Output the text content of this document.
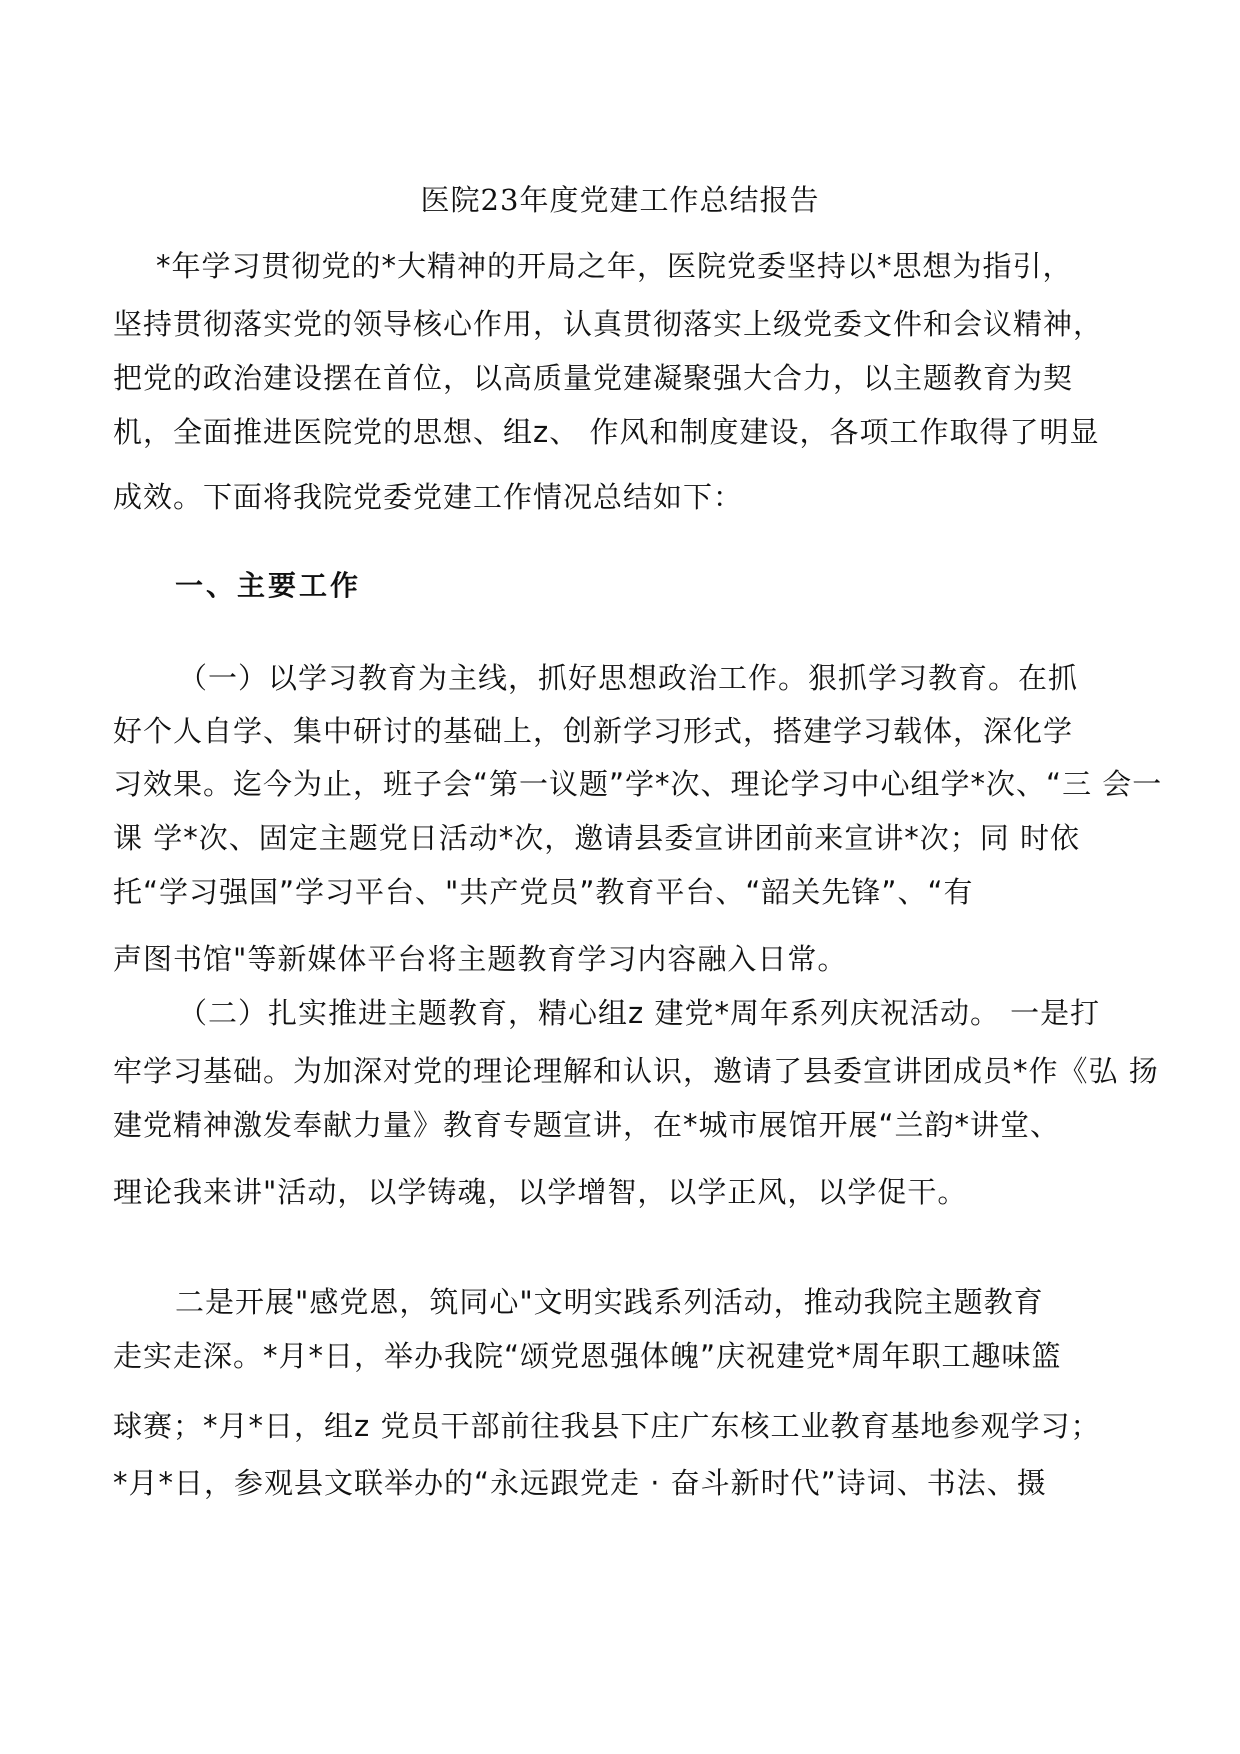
医院23年度党建工作总结报告
*年学习贯彻党的*大精神的开局之年，医院党委坚持以*思想为指引，
坚持贯彻落实党的领导核心作用，认真贯彻落实上级党委文件和会议精神，
把党的政治建设摆在首位，以高质量党建凝聚强大合力，以主题教育为契
机，全面推进医院党的思想、组z、 作风和制度建设，各项工作取得了明显
成效。下面将我院党委党建工作情况总结如下：
一、主要工作
（一）以学习教育为主线，抓好思想政治工作。狠抓学习教育。在抓
好个人自学、集中研讨的基础上，创新学习形式，搭建学习载体，深化学
习效果。迄今为止，班子会“第一议题”学*次、理论学习中心组学*次、“三 会一
课 学*次、固定主题党日活动*次，邀请县委宣讲团前来宣讲*次；同 时依
托“学习强国”学习平台、"共产党员”教育平台、“韶关先锋”、“有
声图书馆"等新媒体平台将主题教育学习内容融入日常。
（二）扎实推进主题教育，精心组z 建党*周年系列庆祝活动。 一是打
牢学习基础。为加深对党的理论理解和认识，邀请了县委宣讲团成员*作《弘 扬
建党精神激发奉献力量》教育专题宣讲，在*城市展馆开展“兰韵*讲堂、
理论我来讲"活动，以学铸魂，以学增智，以学正风，以学促干。
二是开展"感党恩，筑同心"文明实践系列活动，推动我院主题教育
走实走深。*月*日，举办我院“颂党恩强体魄”庆祝建党*周年职工趣味篮
球赛；*月*日，组z 党员干部前往我县下庄广东核工业教育基地参观学习；
*月*日，参观县文联举办的“永远跟党走 · 奋斗新时代”诗词、书法、摄
